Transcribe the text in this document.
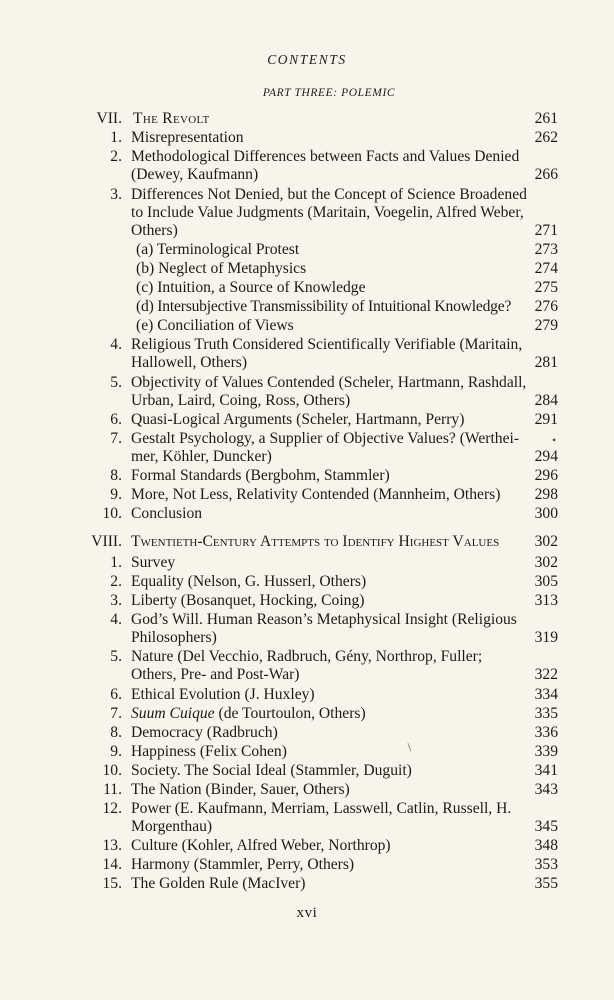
CONTENTS
PART THREE: POLEMIC
VII. The Revolt	261
1. Misrepresentation	262
2. Methodological Differences between Facts and Values Denied
(Dewey, Kaufmann)	266
3. Differences Not Denied, but the Concept of Science Broadened
to Include Value Judgments (Maritain, Voegelin, Alfred Weber,
Others)	271
(a) Terminological Protest	273
(b) Neglect of Metaphysics	274
(c) Intuition, a Source of Knowledge	275
(d) Intersubjective Transmissibility of Intuitional Knowledge? 276
(e) Conciliation of Views	279
4. Religious Truth Considered Scientifically Verifiable (Maritain,
Hallowell, Others)	281
5. Objectivity of Values Contended (Scheler, Hartmann, Rashdall,
Urban, Laird, Coing, Ross, Others)	284
6. Quasi-Logical Arguments (Scheler, Hartmann, Perry)	291
7. Gestalt Psychology, a Supplier of Objective Values? (Werthei-
mer, Köhler, Duncker)	294
8. Formal Standards (Bergbohm, Stammler)	296
9. More, Not Less, Relativity Contended (Mannheim, Others) 298
10. Conclusion	300
VIII. Twentieth-Century Attempts to Identify Highest Values 302
1. Survey	302
2. Equality (Nelson, G. Husserl, Others)	305
3. Liberty (Bosanquet, Hocking, Coing)	313
4. God’s Will. Human Reason’s Metaphysical Insight (Religious
Philosophers)	319
5. Nature (Del Vecchio, Radbruch, Gény, Northrop, Fuller;
Others, Pre- and Post-War)	322
6. Ethical Evolution (J. Huxley)	334
7. Suum Cuique (de Tourtoulon, Others)	335
8. Democracy (Radbruch)	336
9. Happiness (Felix Cohen)	339
10. Society. The Social Ideal (Stammler, Duguit)	341
11. The Nation (Binder, Sauer, Others)	343
12. Power (E. Kaufmann, Merriam, Lasswell, Catlin, Russell, H.
Morgenthau)	345
13. Culture (Kohler, Alfred Weber, Northrop)	348
14. Harmony (Stammler, Perry, Others)	353
15. The Golden Rule (MacIver)	355
•
/
xvi
